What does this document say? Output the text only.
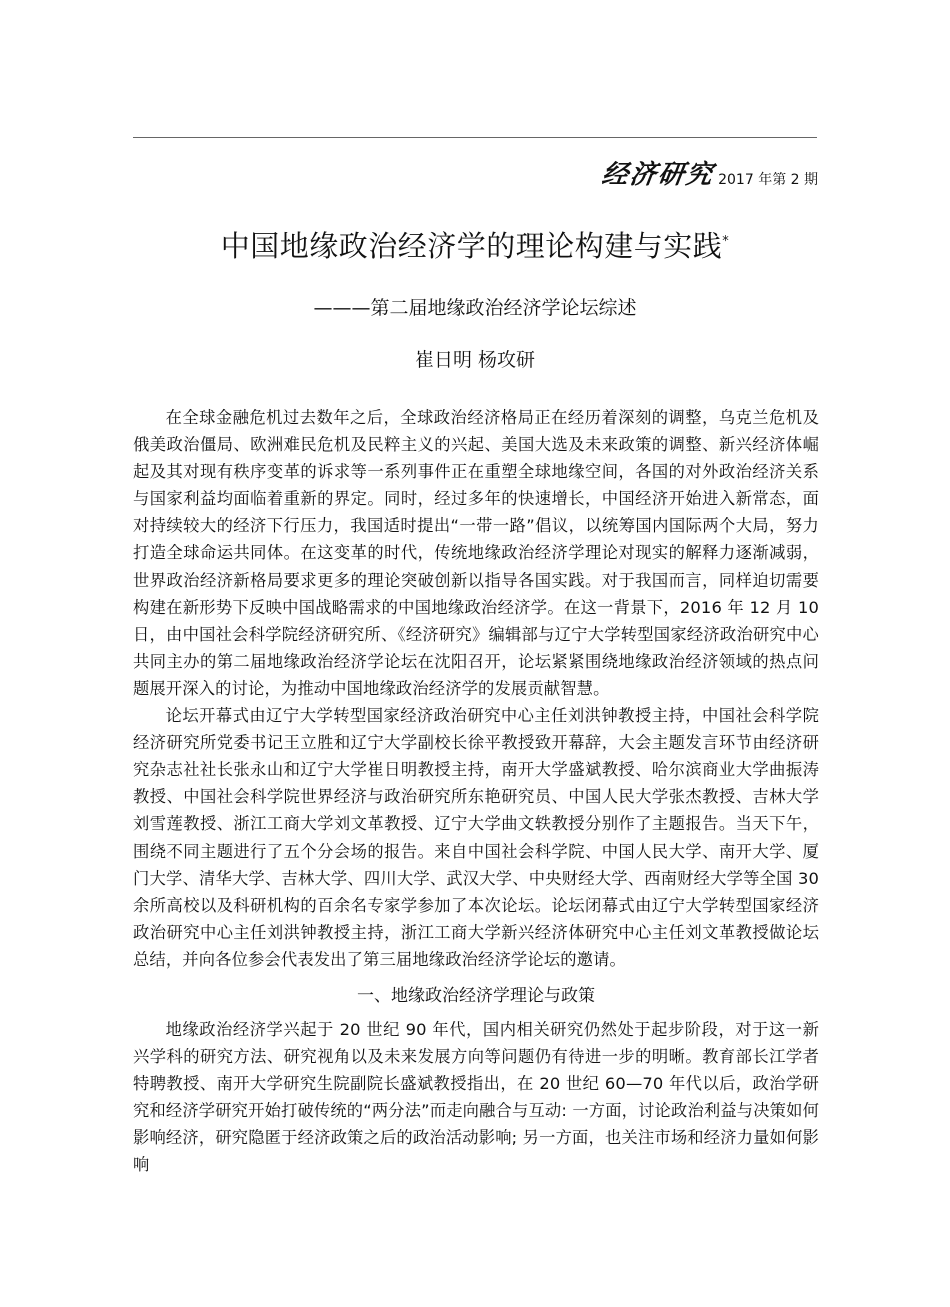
经济研究 2017 年第 2 期
中国地缘政治经济学的理论构建与实践*
———第二届地缘政治经济学论坛综述
崔日明 杨攻研

在全球金融危机过去数年之后，全球政治经济格局正在经历着深刻的调整，乌克兰危机及俄美政治僵局、欧洲难民危机及民粹主义的兴起、美国大选及未来政策的调整、新兴经济体崛起及其对现有秩序变革的诉求等一系列事件正在重塑全球地缘空间，各国的对外政治经济关系与国家利益均面临着重新的界定。同时，经过多年的快速增长，中国经济开始进入新常态，面对持续较大的经济下行压力，我国适时提出“一带一路”倡议，以统筹国内国际两个大局，努力打造全球命运共同体。在这变革的时代，传统地缘政治经济学理论对现实的解释力逐渐减弱，世界政治经济新格局要求更多的理论突破创新以指导各国实践。对于我国而言，同样迫切需要构建在新形势下反映中国战略需求的中国地缘政治经济学。在这一背景下，2016 年 12 月 10 日，由中国社会科学院经济研究所、《经济研究》编辑部与辽宁大学转型国家经济政治研究中心共同主办的第二届地缘政治经济学论坛在沈阳召开，论坛紧紧围绕地缘政治经济领域的热点问题展开深入的讨论，为推动中国地缘政治经济学的发展贡献智慧。

论坛开幕式由辽宁大学转型国家经济政治研究中心主任刘洪钟教授主持，中国社会科学院经济研究所党委书记王立胜和辽宁大学副校长徐平教授致开幕辞，大会主题发言环节由经济研究杂志社社长张永山和辽宁大学崔日明教授主持，南开大学盛斌教授、哈尔滨商业大学曲振涛教授、中国社会科学院世界经济与政治研究所东艳研究员、中国人民大学张杰教授、吉林大学刘雪莲教授、浙江工商大学刘文革教授、辽宁大学曲文轶教授分别作了主题报告。当天下午，围绕不同主题进行了五个分会场的报告。来自中国社会科学院、中国人民大学、南开大学、厦门大学、清华大学、吉林大学、四川大学、武汉大学、中央财经大学、西南财经大学等全国 30 余所高校以及科研机构的百余名专家学参加了本次论坛。论坛闭幕式由辽宁大学转型国家经济政治研究中心主任刘洪钟教授主持，浙江工商大学新兴经济体研究中心主任刘文革教授做论坛总结，并向各位参会代表发出了第三届地缘政治经济学论坛的邀请。

一、地缘政治经济学理论与政策

地缘政治经济学兴起于 20 世纪 90 年代，国内相关研究仍然处于起步阶段，对于这一新兴学科的研究方法、研究视角以及未来发展方向等问题仍有待进一步的明晰。教育部长江学者特聘教授、南开大学研究生院副院长盛斌教授指出，在 20 世纪 60—70 年代以后，政治学研究和经济学研究开始打破传统的“两分法”而走向融合与互动: 一方面，讨论政治利益与决策如何影响经济，研究隐匿于经济政策之后的政治活动影响; 另一方面，也关注市场和经济力量如何影响
